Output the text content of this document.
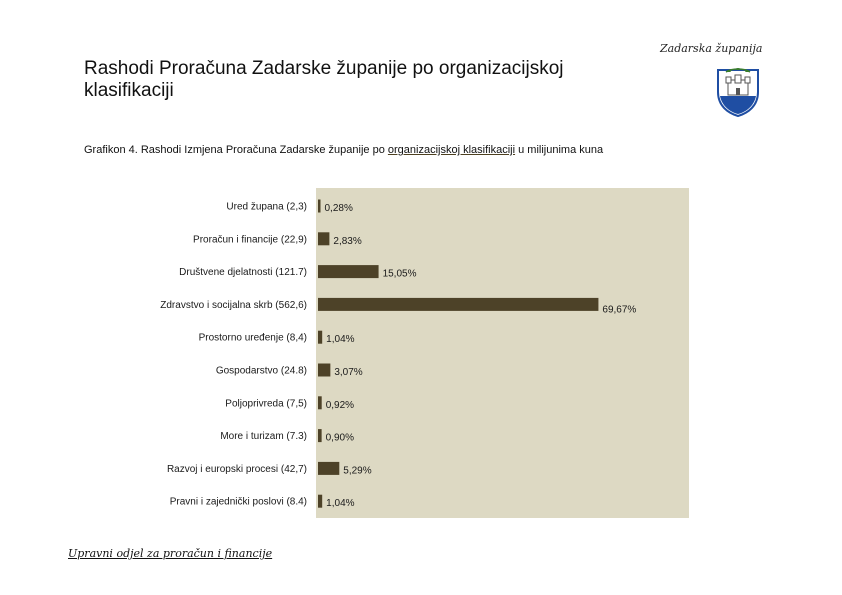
Rashodi Proračuna Zadarske županije po organizacijskoj klasifikaciji
Zadarska županija
Grafikon 4. Rashodi Izmjena Proračuna Zadarske županije po organizacijskoj klasifikaciji u milijunima kuna
Ured župana (2,3) 0,28%
Proračun i financije (22,9)	2,83%
Društvene djelatnosti (121.7)	15,05%
Zdravstvo i socijalna skrb (562,6)	69,67%
Prostorno uređenje (8,4) 1,04%
Gospodarstvo (24.8)	3,07%
Poljoprivreda (7,5) 0,92%
More i turizam (7.3) 0,90%
Razvoj i europski procesi (42,7)	5,29%
Pravni i zajednički poslovi (8.4) 1,04%
Upravni odjel za proračun i financije
